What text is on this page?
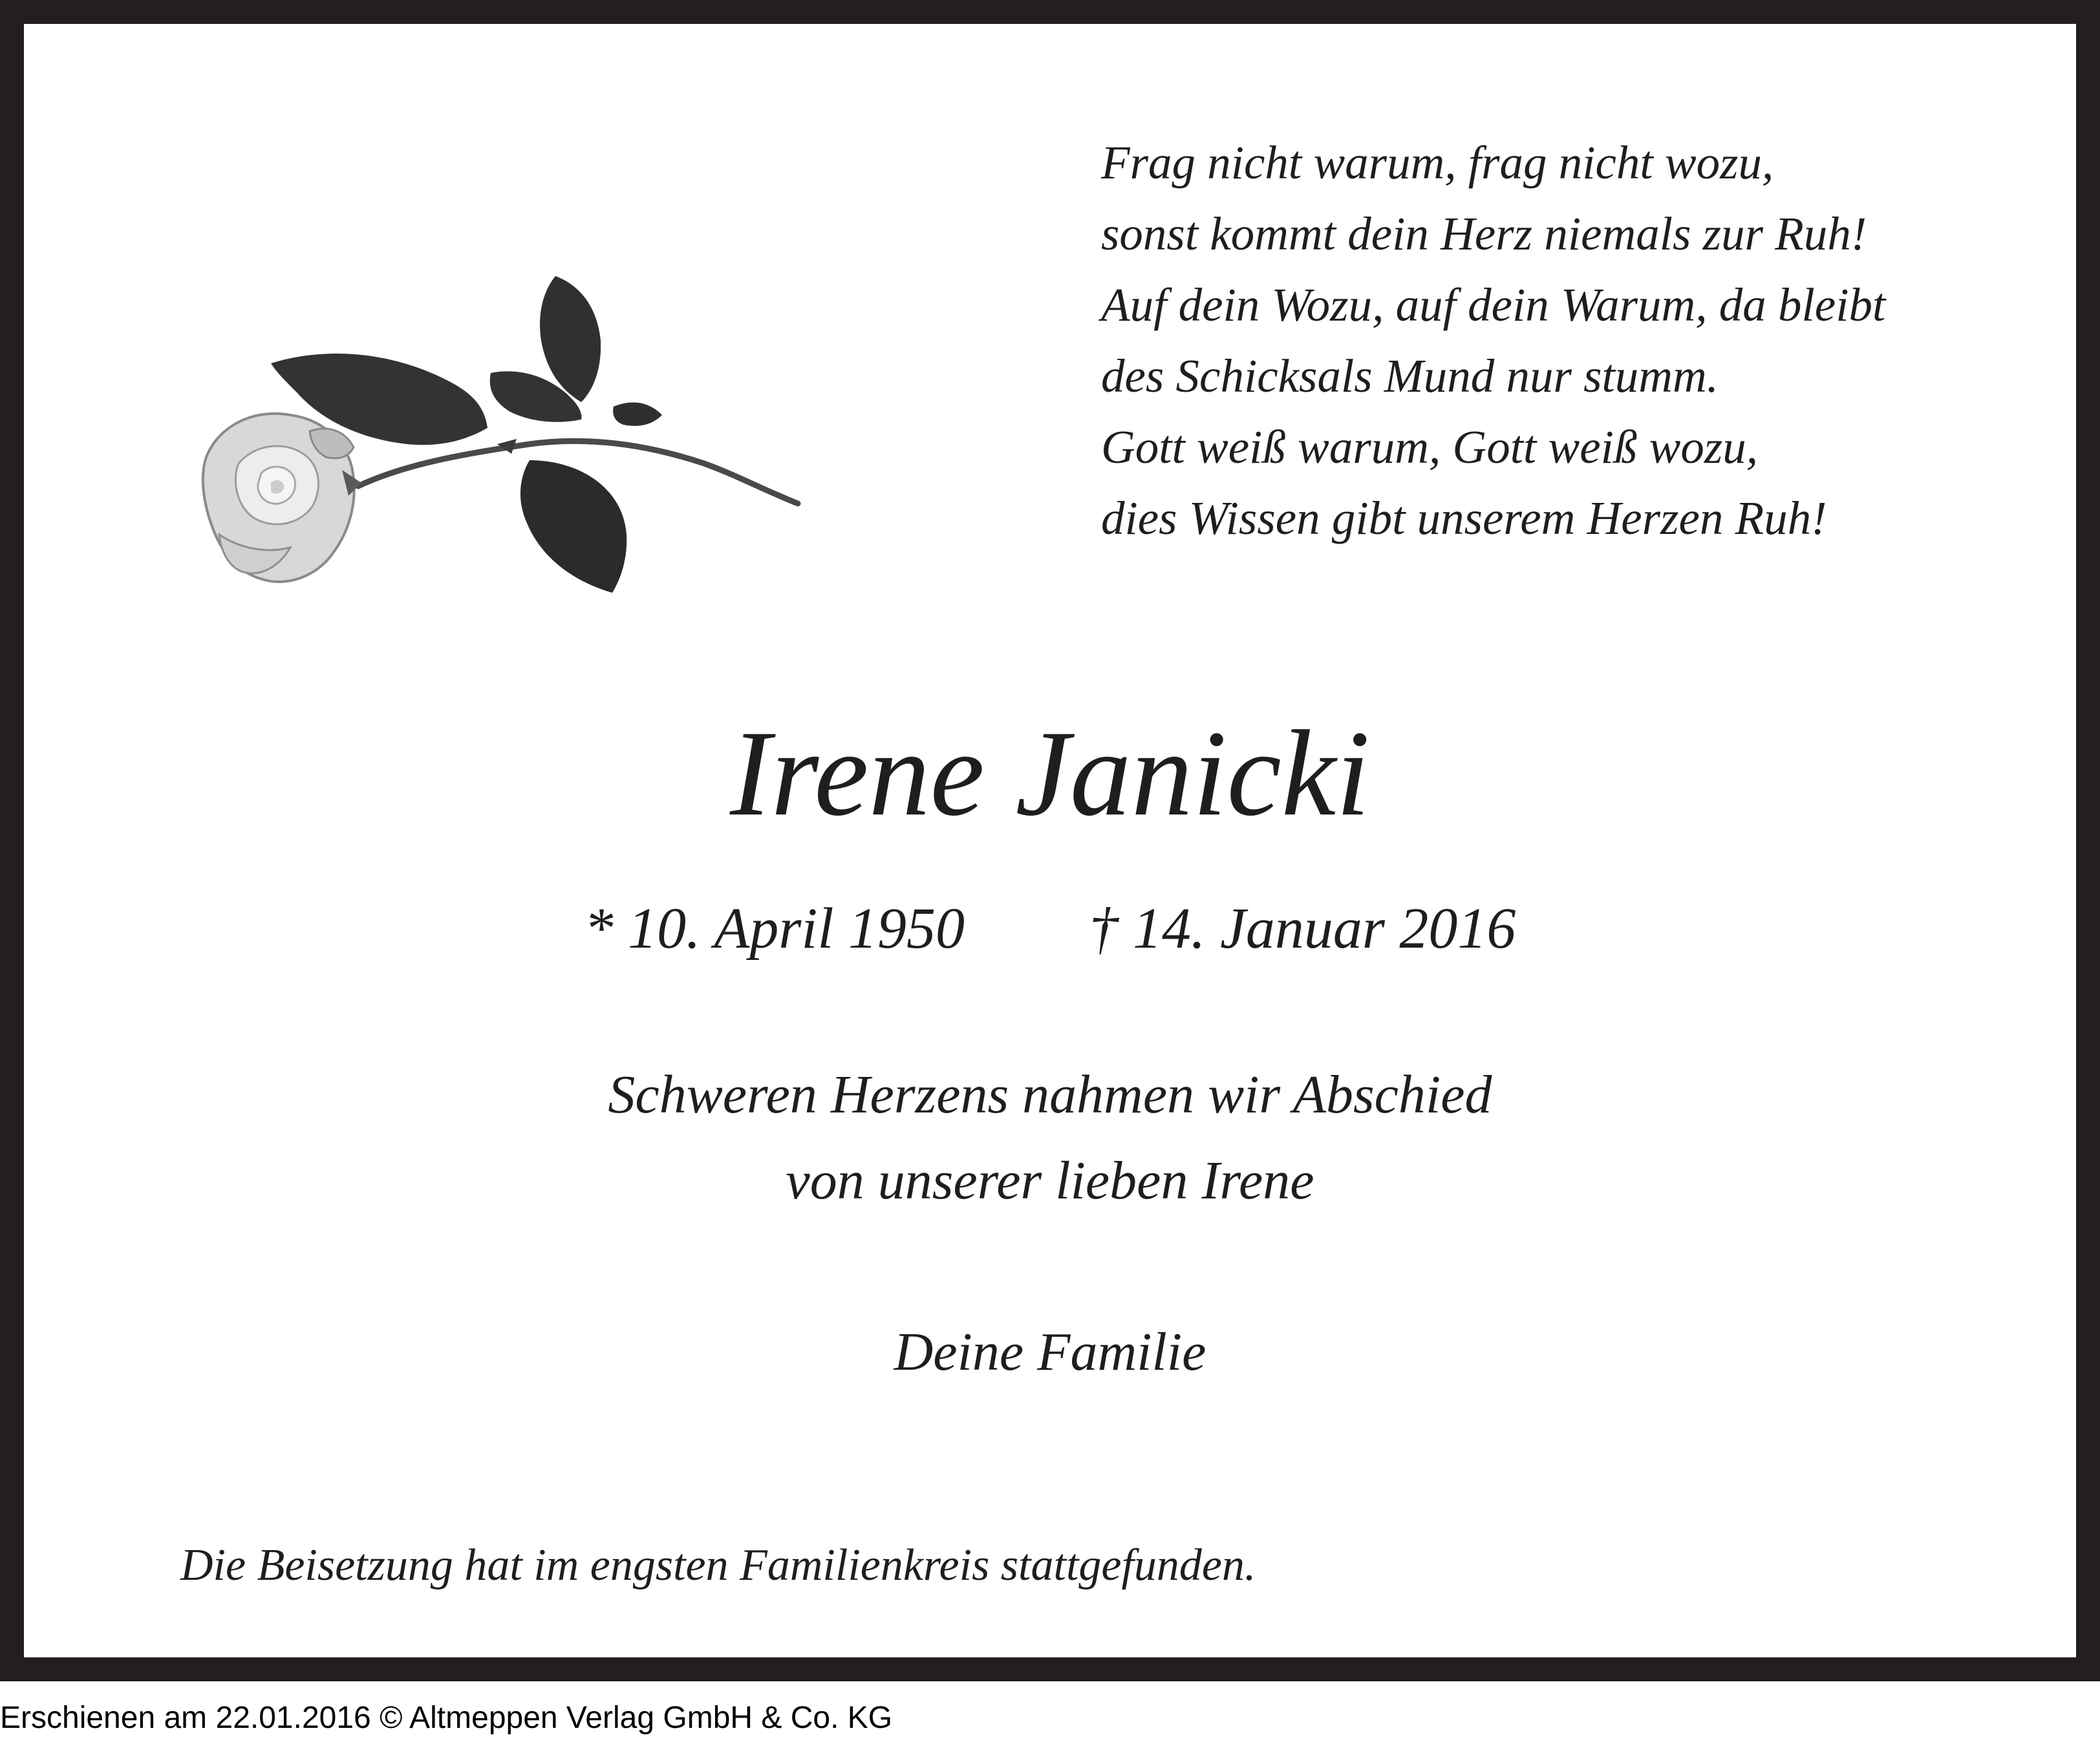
Frag nicht warum, frag nicht wozu,
sonst kommt dein Herz niemals zur Ruh!
Auf dein Wozu, auf dein Warum, da bleibt
des Schicksals Mund nur stumm.
Gott weiß warum, Gott weiß wozu,
dies Wissen gibt unserem Herzen Ruh!
Irene Janicki
* 10. April 1950 † 14. Januar 2016
Schweren Herzens nahmen wir Abschied
von unserer lieben Irene
Deine Familie
Die Beisetzung hat im engsten Familienkreis stattgefunden.
Erschienen am 22.01.2016 © Altmeppen Verlag GmbH & Co. KG
